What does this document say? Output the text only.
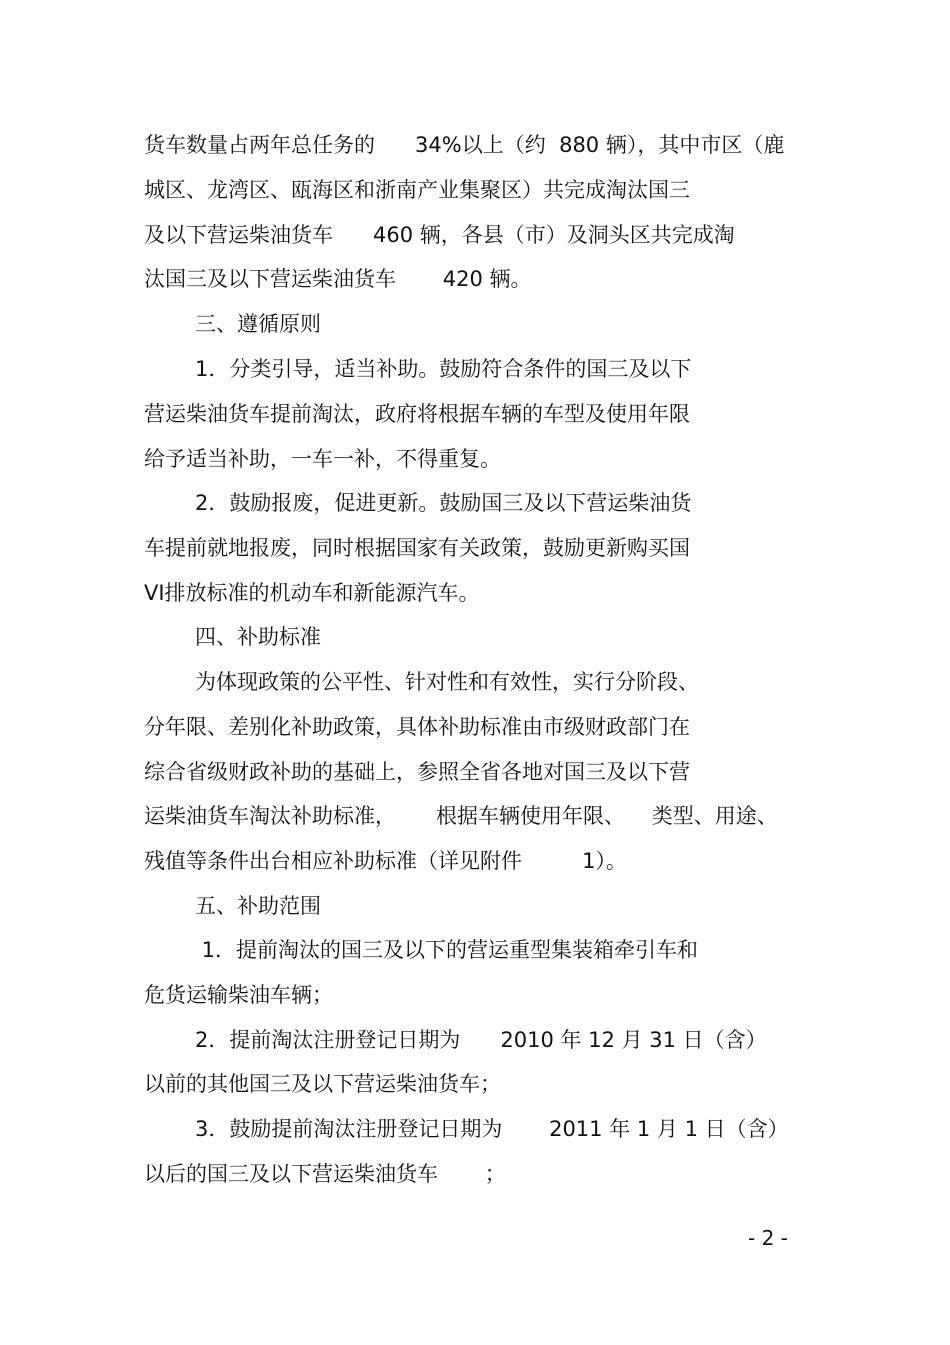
货车数量占两年总任务的      34%以上（约  880 辆），其中市区（鹿

城区、龙湾区、瓯海区和浙南产业集聚区）共完成淘汰国三

及以下营运柴油货车      460 辆，各县（市）及洞头区共完成淘

汰国三及以下营运柴油货车       420 辆。

三、遵循原则

1．分类引导，适当补助。鼓励符合条件的国三及以下

营运柴油货车提前淘汰，政府将根据车辆的车型及使用年限

给予适当补助，一车一补，不得重复。

2．鼓励报废，促进更新。鼓励国三及以下营运柴油货

车提前就地报废，同时根据国家有关政策，鼓励更新购买国

VI排放标准的机动车和新能源汽车。

四、补助标准

为体现政策的公平性、针对性和有效性，实行分阶段、

分年限、差别化补助政策，具体补助标准由市级财政部门在

综合省级财政补助的基础上，参照全省各地对国三及以下营

运柴油货车淘汰补助标准，      根据车辆使用年限、    类型、用途、

残值等条件出台相应补助标准（详见附件         1）。

五、补助范围

1．提前淘汰的国三及以下的营运重型集装箱牵引车和

危货运输柴油车辆；

2．提前淘汰注册登记日期为      2010 年 12 月 31 日（含）

以前的其他国三及以下营运柴油货车；

3．鼓励提前淘汰注册登记日期为       2011 年 1 月 1 日（含）

以后的国三及以下营运柴油货车       ；

- 2 -
